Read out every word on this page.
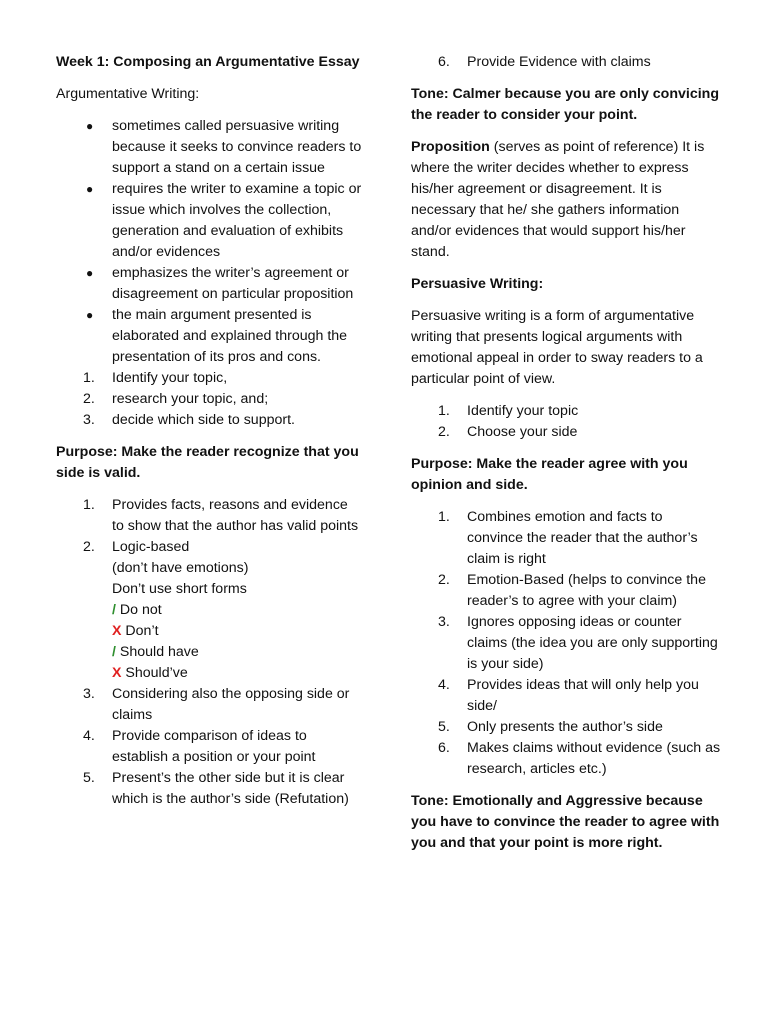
Week 1: Composing an Argumentative Essay

Argumentative Writing:

● sometimes called persuasive writing because it seeks to convince readers to support a stand on a certain issue
● requires the writer to examine a topic or issue which involves the collection, generation and evaluation of exhibits and/or evidences
● emphasizes the writer’s agreement or disagreement on particular proposition
● the main argument presented is elaborated and explained through the presentation of its pros and cons.
1. Identify your topic,
2. research your topic, and;
3. decide which side to support.

Purpose: Make the reader recognize that you side is valid.

1. Provides facts, reasons and evidence to show that the author has valid points
2. Logic-based
(don’t have emotions)
Don’t use short forms
/ Do not
X Don’t
/ Should have
X Should’ve
3. Considering also the opposing side or claims
4. Provide comparison of ideas to establish a position or your point
5. Present’s the other side but it is clear which is the author’s side (Refutation)
6. Provide Evidence with claims

Tone: Calmer because you are only convicing the reader to consider your point.

Proposition (serves as point of reference) It is where the writer decides whether to express his/her agreement or disagreement. It is necessary that he/ she gathers information and/or evidences that would support his/her stand.

Persuasive Writing:

Persuasive writing is a form of argumentative writing that presents logical arguments with emotional appeal in order to sway readers to a particular point of view.

1. Identify your topic
2. Choose your side

Purpose: Make the reader agree with you opinion and side.

1. Combines emotion and facts to convince the reader that the author’s claim is right
2. Emotion-Based (helps to convince the reader’s to agree with your claim)
3. Ignores opposing ideas or counter claims (the idea you are only supporting is your side)
4. Provides ideas that will only help you side/
5. Only presents the author’s side
6. Makes claims without evidence (such as research, articles etc.)

Tone: Emotionally and Aggressive because you have to convince the reader to agree with you and that your point is more right.
